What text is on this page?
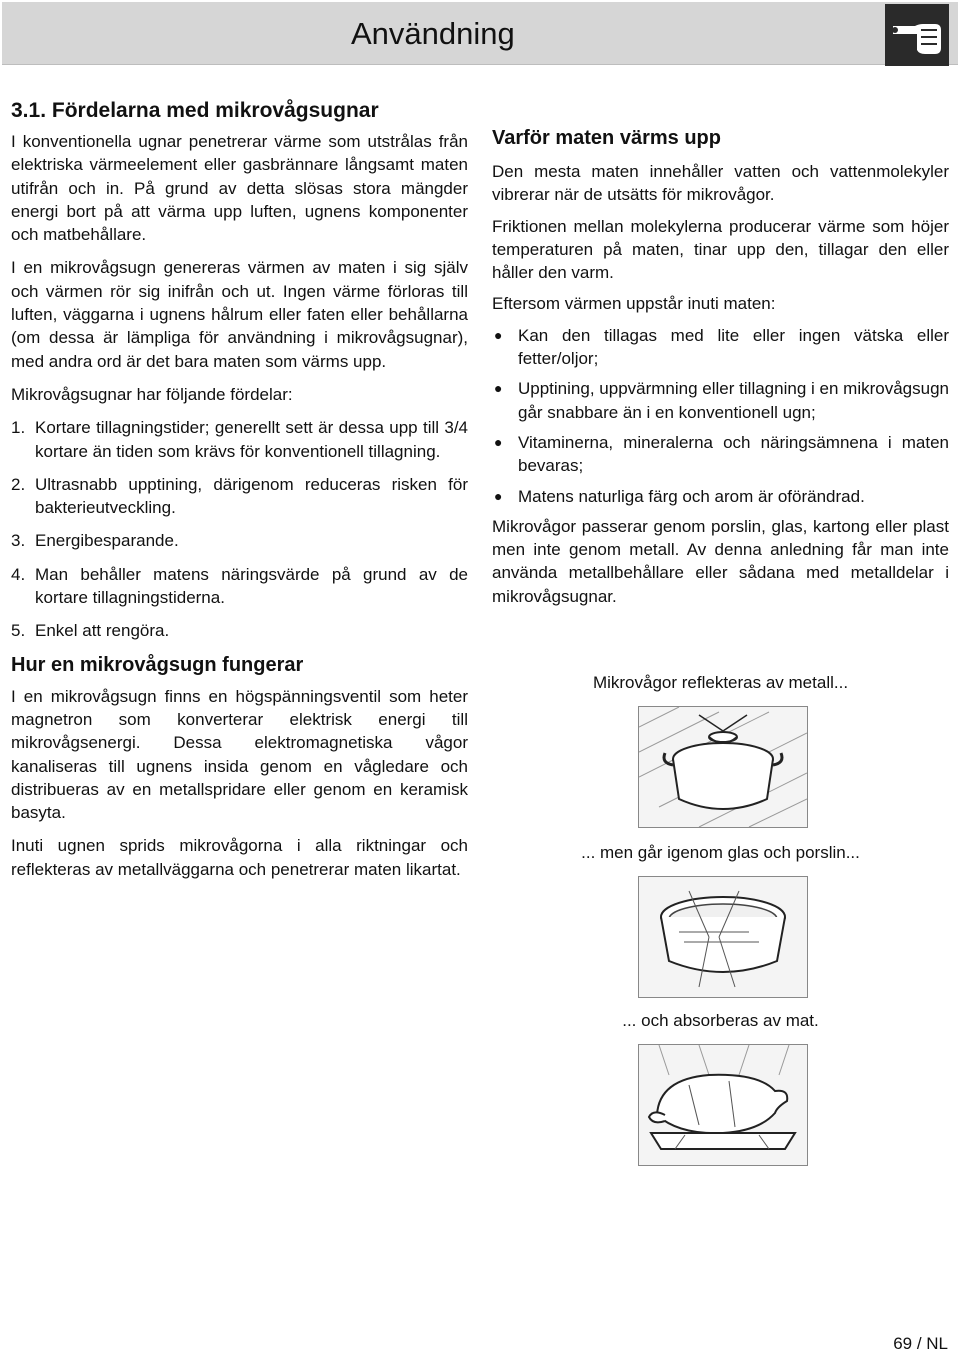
Användning
3.1. Fördelarna med mikrovågsugnar

I konventionella ugnar penetrerar värme som utstrålas från elektriska värmeelement eller gasbrännare långsamt maten utifrån och in. På grund av detta slösas stora mängder energi bort på att värma upp luften, ugnens komponenter och matbehållare.

I en mikrovågsugn genereras värmen av maten i sig själv och värmen rör sig inifrån och ut. Ingen värme förloras till luften, väggarna i ugnens hålrum eller faten eller behållarna (om dessa är lämpliga för användning i mikrovågsugnar), med andra ord är det bara maten som värms upp.

Mikrovågsugnar har följande fördelar:

1. Kortare tillagningstider; generellt sett är dessa upp till 3/4 kortare än tiden som krävs för konventionell tillagning.
2. Ultrasnabb upptining, därigenom reduceras risken för bakterieutveckling.
3. Energibesparande.
4. Man behåller matens näringsvärde på grund av de kortare tillagningstiderna.
5. Enkel att rengöra.
Hur en mikrovågsugn fungerar

I en mikrovågsugn finns en högspänningsventil som heter magnetron som konverterar elektrisk energi till mikrovågsenergi. Dessa elektromagnetiska vågor kanaliseras till ugnens insida genom en vågledare och distribueras av en metallspridare eller genom en keramisk basyta.

Inuti ugnen sprids mikrovågorna i alla riktningar och reflekteras av metallväggarna och penetrerar maten likartat.

Varför maten värms upp

Den mesta maten innehåller vatten och vattenmolekyler vibrerar när de utsätts för mikrovågor.

Friktionen mellan molekylerna producerar värme som höjer temperaturen på maten, tinar upp den, tillagar den eller håller den varm.

Eftersom värmen uppstår inuti maten:

● Kan den tillagas med lite eller ingen vätska eller fetter/oljor;
● Upptining, uppvärmning eller tillagning i en mikrovågsugn går snabbare än i en konventionell ugn;
● Vitaminerna, mineralerna och näringsämnena i maten bevaras;
● Matens naturliga färg och arom är oförändrad.

Mikrovågor passerar genom porslin, glas, kartong eller plast men inte genom metall. Av denna anledning får man inte använda metallbehållare eller sådana med metalldelar i mikrovågsugnar.

Mikrovågor reflekteras av metall...
... men går igenom glas och porslin...
... och absorberas av mat.
69 / NL
